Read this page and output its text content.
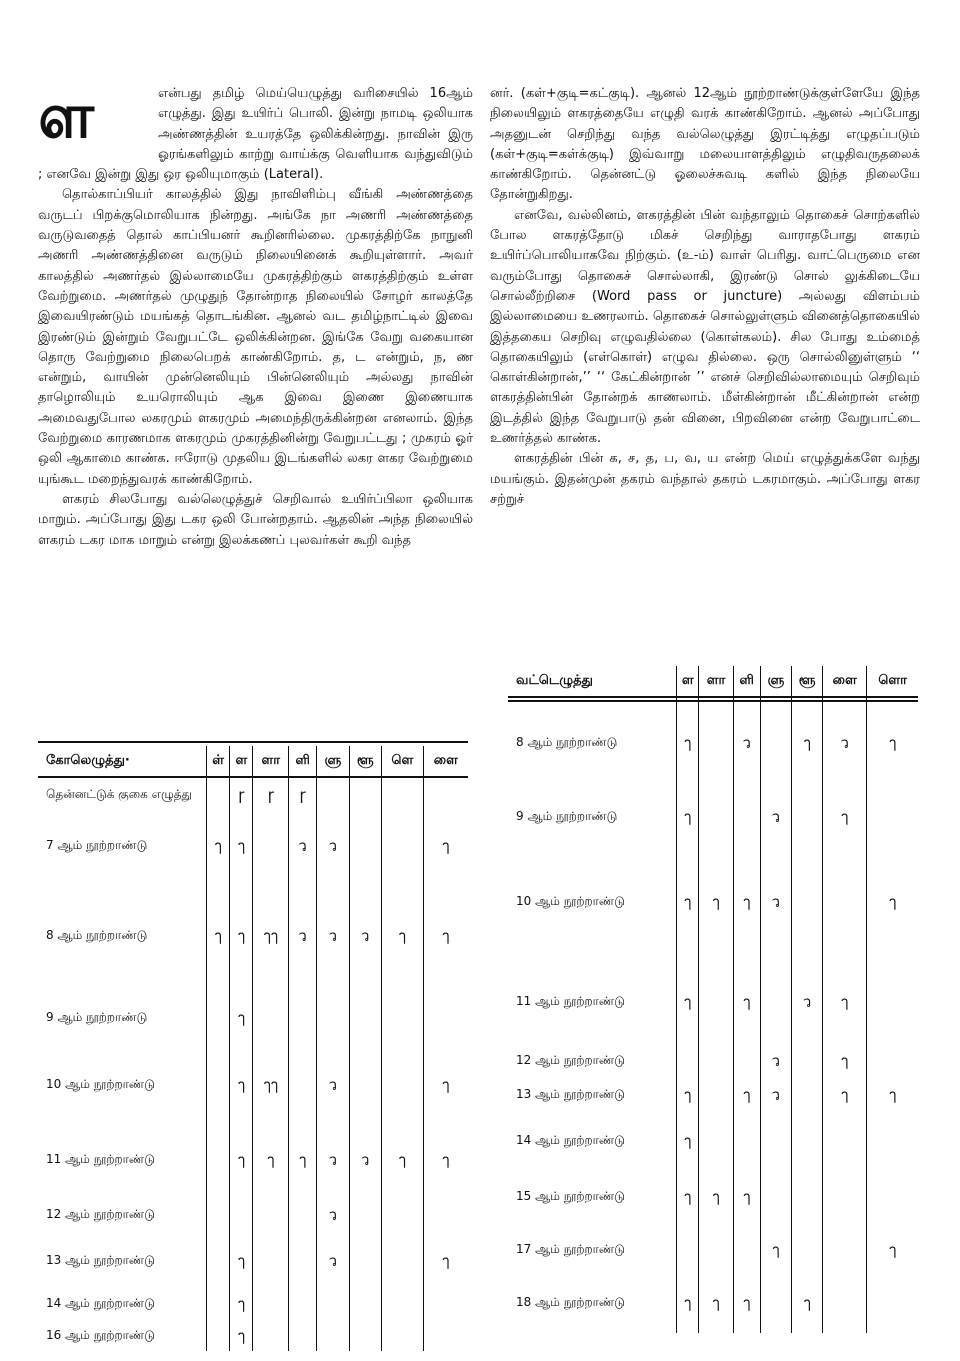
ள	என்பது தமிழ் மெய்யெழுத்து வரிசையில் 16ஆம் எழுத்து. இது உயிர்ப் பொலி. இன்று நாமடி ஒலியாக அண்ணத்தின் உயரத்தே ஒலிக்கின்றது. நாவின் இரு ஓரங்களிலும் காற்று வாய்க்கு வெளியாக வந்துவிடும் ; எனவே இன்று இது ஒர ஒலியுமாகும் (Lateral).

தொல்காப்பியர் காலத்தில் இது நாவிளிம்பு வீங்கி அண்ணத்தை வருடப் பிறக்குமொலியாக நின்றது. அங்கே நா அணரி அண்ணத்தை வருடுவதைத் தொல் காப்பியனர் கூறினரில்லை. முகரத்திற்கே நாநுனி அணரி அண்ணத்தினை வருடும் நிலையினைக் கூறியுள்ளார். அவர் காலத்தில் அணர்தல் இல்லாமையே முகரத்திற்கும் ளகரத்திற்கும் உள்ள வேற்றுமை. அணர்தல் முழுதுந் தோன்றாத நிலையில் சோழர் காலத்தே இவையிரண்டும் மயங்கத் தொடங்கின. ஆனல் வட தமிழ்நாட்டில் இவை இரண்டும் இன்றும் வேறுபட்டே ஒலிக்கின்றன. இங்கே வேறு வகையான தொரு வேற்றுமை நிலைபெறக் காண்கிறோம். த, ட என்றும், ந, ண என்றும், வாயின் முன்னெலியும் பின்னெலியும் அல்லது நாவின் தாழொலியும் உயரொலியும் ஆக இவை இணை இணையாக அமைவதுபோல லகரமும் ளகரமும் அமைந்திருக்கின்றன எனலாம். இந்த வேற்றுமை காரணமாக ளகரமும் முகரத்தினின்று வேறுபட்டது ; முகரம் ஓர் ஒலி ஆகாமை காண்க. ஈரோடு முதலிய இடங்களில் லகர ளகர வேற்றுமை யுங்கூட மறைந்துவரக் காண்கிறோம்.

ளகரம் சிலபோது வல்லெழுத்துச் செறிவால் உயிர்ப்பிலா ஒலியாக மாறும். அப்போது இது டகர ஒலி போன்றதாம். ஆதலின் அந்த நிலையில் ளகரம் டகர மாக மாறும் என்று இலக்கணப் புலவர்கள் கூறி வந்த

னர். (கள்+குடி=கட்குடி). ஆனல் 12ஆம் நூற்றாண்டுக்குள்ளேயே இந்த நிலையிலும் ளகரத்தையே எழுதி வரக் காண்கிறோம். ஆனல் அப்போது அதனுடன் செறிந்து வந்த வல்லெழுத்து இரட்டித்து எழுதப்படும் (கள்+குடி=கள்க்குடி) இவ்வாறு மலையாளத்திலும் எழுதிவருதலைக் காண்கிறோம். தென்னட்டு ஓலைச்சுவடி களில் இந்த நிலையே தோன்றுகிறது.

எனவே, வல்லினம், ளகரத்தின் பின் வந்தாலும் தொகைச் சொற்களில் போல ளகரத்தோடு மிகச் செறிந்து வாராதபோது ளகரம் உயிர்ப்பொலியாகவே நிற்கும். (உ-ம்) வாள் பெரிது. வாட்பெருமை என வரும்போது தொகைச் சொல்லாகி, இரண்டு சொல் லுக்கிடையே சொல்லீற்றிசை (Word pass or juncture) அல்லது விளம்பம் இல்லாமையை உணரலாம். தொகைச் சொல்லுள்ளும் வினைத்தொகையில் இத்தகைய செறிவு எழுவதில்லை (கொள்கலம்). சில போது உம்மைத் தொகையிலும் (எள்கொள்) எழுவ தில்லை. ஒரு சொல்லினுள்ளும் ‘‘ கொள்கின்றான்,’’ ‘‘ கேட்கின்றான் ’’ எனச் செறிவில்லாமையும் செறிவும் ளகரத்தின்பின் தோன்றக் காணலாம். மீள்கின்றான் மீட்கின்றான் என்ற இடத்தில் இந்த வேறுபாடு தன் வினை, பிறவினை என்ற வேறுபாட்டை உணர்த்தல் காண்க.

ளகரத்தின் பின் க, ச, த, ப, வ, ய என்ற மெய் எழுத்துக்களே வந்து மயங்கும். இதன்முன் தகரம் வந்தால் தகரம் டகரமாகும். அப்போது ளகர சற்றுச்

கோலெழுத்து·	ள்	ள	ளா	ளி	ளு	ளூ	ளெ	ளை
தென்னட்டுக் குகை எழுத்து		ɼ	ɼ	ɼ				
7 ஆம் நூற்றாண்டு	ๅ	ๅ		ว	ว			ๅ
8 ஆம் நூற்றாண்டு	ๅ	ๅ	ๅๅ	ว	ว	ว	ๅ	ๅ
9 ஆம் நூற்றாண்டு		ๅ						
10 ஆம் நூற்றாண்டு		ๅ	ๅๅ		ว			ๅ
11 ஆம் நூற்றாண்டு		ๅ	ๅ	ๅ	ว	ว	ๅ	ๅ
12 ஆம் நூற்றாண்டு					ว			
13 ஆம் நூற்றாண்டு		ๅ			ว			ๅ
14 ஆம் நூற்றாண்டு		ๅ						
16 ஆம் நூற்றாண்டு		ๅ						
வட்டெழுத்து	ள	ளா	ளி	ளு	ளூ	ளை	ளொ
8 ஆம் நூற்றாண்டு	ๅ		ว		ๅ	ว	ๅ
9 ஆம் நூற்றாண்டு	ๅ			ว		ๅ	
10 ஆம் நூற்றாண்டு	ๅ	ๅ	ๅ	ว			ๅ
11 ஆம் நூற்றாண்டு	ๅ		ๅ		ว	ๅ	
12 ஆம் நூற்றாண்டு				ว		ๅ	
13 ஆம் நூற்றாண்டு	ๅ		ๅ	ว		ๅ	ๅ
14 ஆம் நூற்றாண்டு	ๅ						
15 ஆம் நூற்றாண்டு	ๅ	ๅ	ๅ				
17 ஆம் நூற்றாண்டு				ๅ			ๅ
18 ஆம் நூற்றாண்டு	ๅ	ๅ	ๅ		ๅ		
